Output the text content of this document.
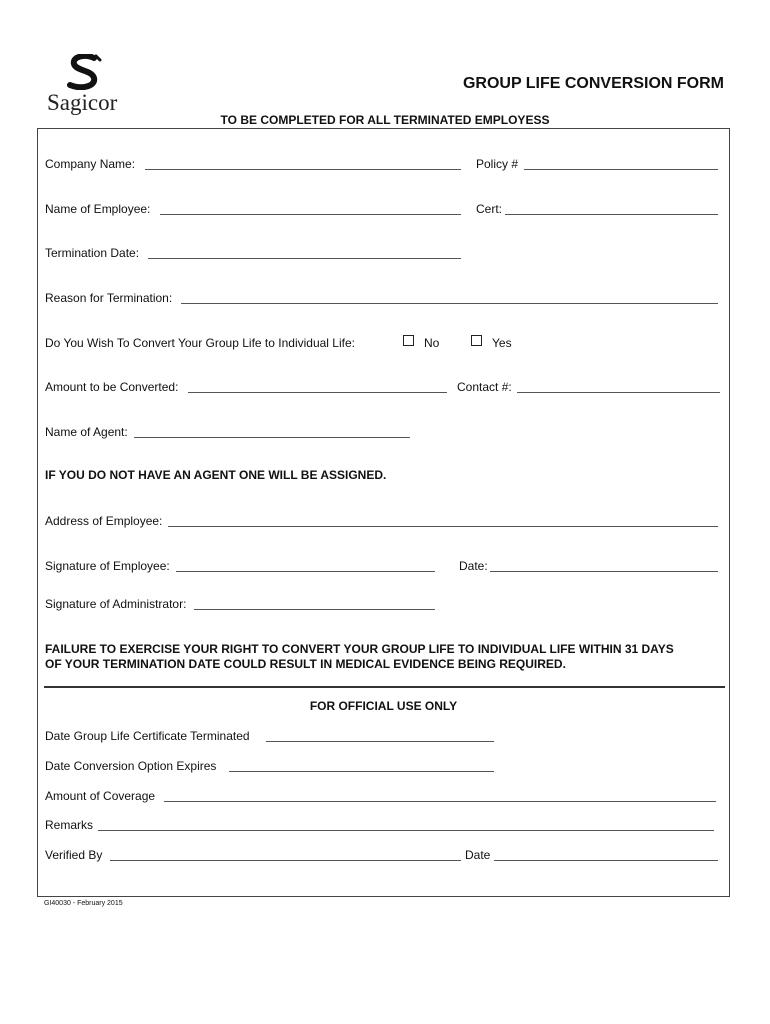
Sagicor
GROUP LIFE CONVERSION FORM
TO BE COMPLETED FOR ALL TERMINATED EMPLOYESS
Company Name:	Policy #
Name of Employee:	Cert:
Termination Date:
Reason for Termination:
Do You Wish To Convert Your Group Life to Individual Life:	No	Yes
Amount to be Converted:	Contact #:
Name of Agent:
IF YOU DO NOT HAVE AN AGENT ONE WILL BE ASSIGNED.
Address of Employee:
Signature of Employee:	Date:
Signature of Administrator:
FAILURE TO EXERCISE YOUR RIGHT TO CONVERT YOUR GROUP LIFE TO INDIVIDUAL LIFE WITHIN 31 DAYS
OF YOUR TERMINATION DATE COULD RESULT IN MEDICAL EVIDENCE BEING REQUIRED.
FOR OFFICIAL USE ONLY
Date Group Life Certificate Terminated
Date Conversion Option Expires
Amount of Coverage
Remarks
Verified By	Date
GI40030 - February 2015
